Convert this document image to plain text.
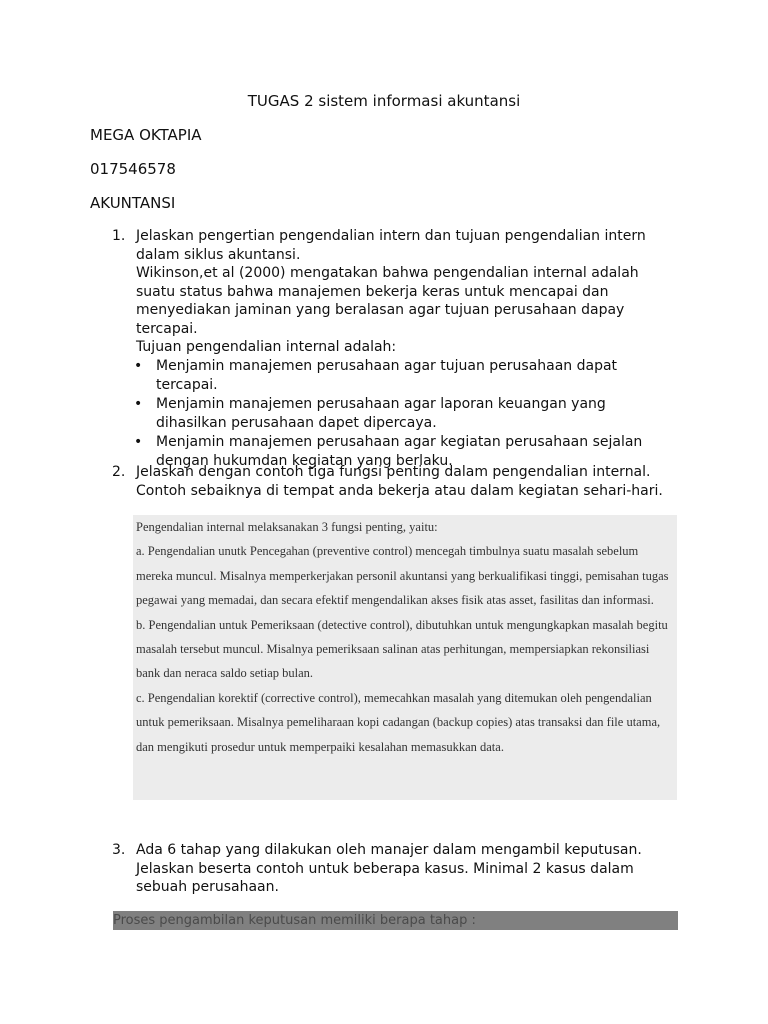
TUGAS 2 sistem informasi akuntansi
MEGA OKTAPIA
017546578
AKUNTANSI
1. Jelaskan pengertian pengendalian intern dan tujuan pengendalian intern dalam siklus akuntansi.

Wikinson,et al (2000) mengatakan bahwa pengendalian internal adalah suatu status bahwa manajemen bekerja keras untuk mencapai dan menyediakan jaminan yang beralasan agar tujuan perusahaan dapay tercapai.

Tujuan pengendalian internal adalah:

• Menjamin manajemen perusahaan agar tujuan perusahaan dapat tercapai.
• Menjamin manajemen perusahaan agar laporan keuangan yang dihasilkan perusahaan dapet dipercaya.
• Menjamin manajemen perusahaan agar kegiatan perusahaan sejalan dengan hukumdan kegiatan yang berlaku.
2. Jelaskan dengan contoh tiga fungsi penting dalam pengendalian internal. Contoh sebaiknya di tempat anda bekerja atau dalam kegiatan sehari-hari.

Pengendalian internal melaksanakan 3 fungsi penting, yaitu:

a. Pengendalian unutk Pencegahan (preventive control) mencegah timbulnya suatu masalah sebelum mereka muncul. Misalnya memperkerjakan personil akuntansi yang berkualifikasi tinggi, pemisahan tugas pegawai yang memadai, dan secara efektif mengendalikan akses fisik atas asset, fasilitas dan informasi.

b. Pengendalian untuk Pemeriksaan (detective control), dibutuhkan untuk mengungkapkan masalah begitu masalah tersebut muncul. Misalnya pemeriksaan salinan atas perhitungan, mempersiapkan rekonsiliasi bank dan neraca saldo setiap bulan.

c. Pengendalian korektif (corrective control), memecahkan masalah yang ditemukan oleh pengendalian untuk pemeriksaan. Misalnya pemeliharaan kopi cadangan (backup copies) atas transaksi dan file utama, dan mengikuti prosedur untuk memperpaiki kesalahan memasukkan data.

3. Ada 6 tahap yang dilakukan oleh manajer dalam mengambil keputusan. Jelaskan beserta contoh untuk beberapa kasus. Minimal 2 kasus dalam sebuah perusahaan.

Proses pengambilan keputusan memiliki berapa tahap :
